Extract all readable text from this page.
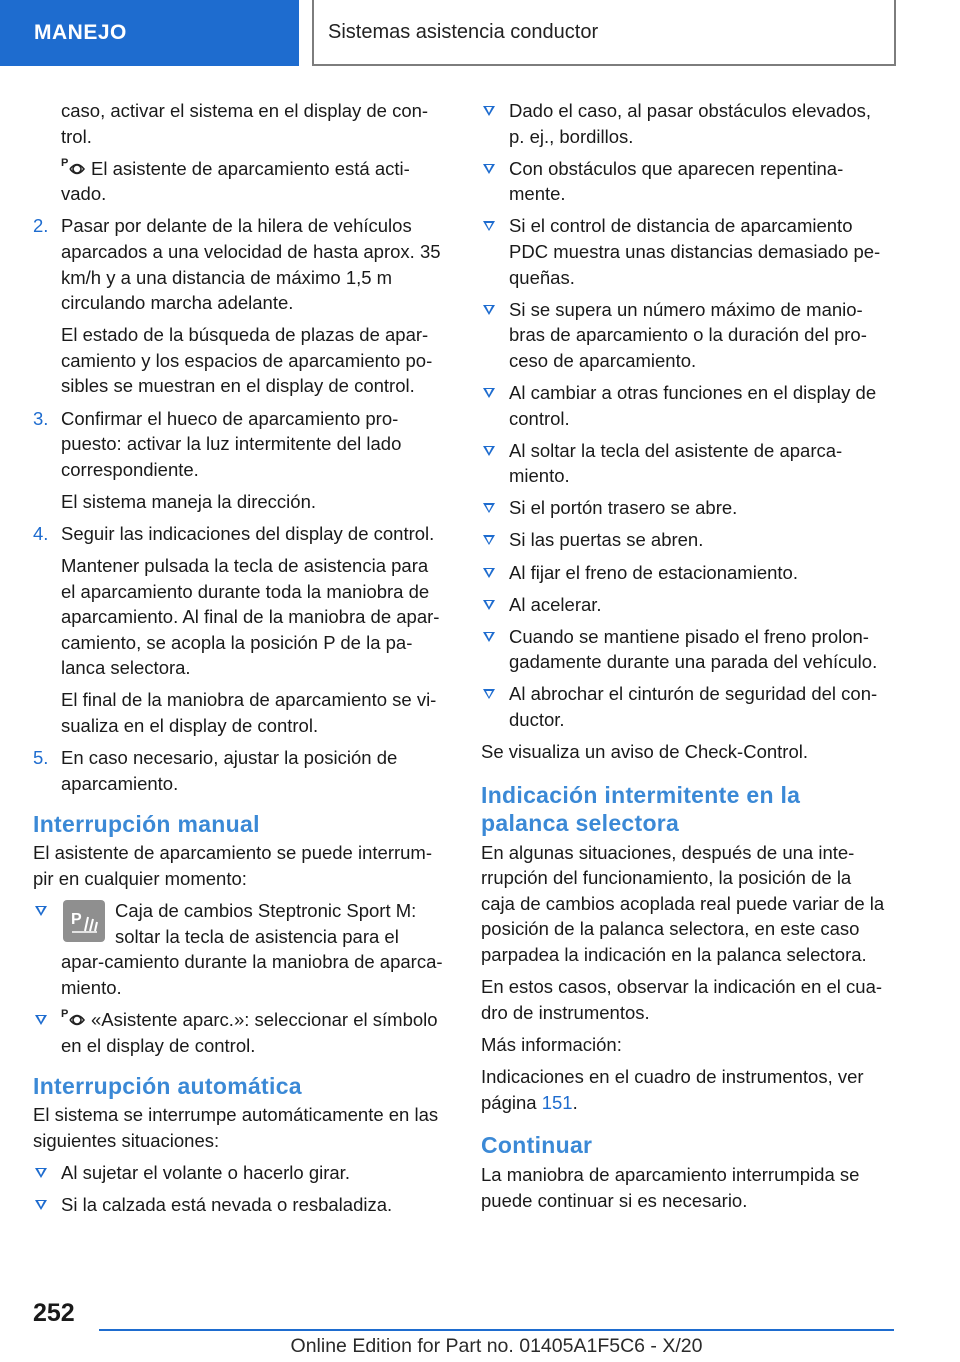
MANEJO	Sistemas asistencia conductor

caso, activar el sistema en el display de con‐trol.

P El asistente de aparcamiento está acti‐vado.

2. Pasar por delante de la hilera de vehículos aparcados a una velocidad de hasta aprox. 35 km/h y a una distancia de máximo 1,5 m circulando marcha adelante.

El estado de la búsqueda de plazas de apar‐camiento y los espacios de aparcamiento po‐sibles se muestran en el display de control.

3. Confirmar el hueco de aparcamiento pro‐puesto: activar la luz intermitente del lado correspondiente.

El sistema maneja la dirección.

4. Seguir las indicaciones del display de control.

Mantener pulsada la tecla de asistencia para el aparcamiento durante toda la maniobra de aparcamiento. Al final de la maniobra de apar‐camiento, se acopla la posición P de la pa‐lanca selectora.

El final de la maniobra de aparcamiento se vi‐sualiza en el display de control.

5. En caso necesario, ajustar la posición de aparcamiento.

Interrupción manual

El asistente de aparcamiento se puede interrum‐pir en cualquier momento:

P Caja de cambios Steptronic Sport M: soltar la tecla de asistencia para el apar‐camiento durante la maniobra de aparca‐miento.
P «Asistente aparc.»: seleccionar el símbolo en el display de control.
Interrupción automática

El sistema se interrumpe automáticamente en las siguientes situaciones:

Al sujetar el volante o hacerlo girar.
Si la calzada está nevada o resbaladiza.
Dado el caso, al pasar obstáculos elevados, p. ej., bordillos.
Con obstáculos que aparecen repentina‐mente.
Si el control de distancia de aparcamiento PDC muestra unas distancias demasiado pe‐queñas.
Si se supera un número máximo de manio‐bras de aparcamiento o la duración del pro‐ceso de aparcamiento.
Al cambiar a otras funciones en el display de control.
Al soltar la tecla del asistente de aparca‐miento.
Si el portón trasero se abre.
Si las puertas se abren.
Al fijar el freno de estacionamiento.
Al acelerar.
Cuando se mantiene pisado el freno prolon‐gadamente durante una parada del vehículo.
Al abrochar el cinturón de seguridad del con‐ductor.

Se visualiza un aviso de Check-Control.

Indicación intermitente en la palanca selectora

En algunas situaciones, después de una inte‐rrupción del funcionamiento, la posición de la caja de cambios acoplada real puede variar de la posición de la palanca selectora, en este caso parpadea la indicación en la palanca selectora.

En estos casos, observar la indicación en el cua‐dro de instrumentos.

Más información:

Indicaciones en el cuadro de instrumentos, ver página 151.

Continuar

La maniobra de aparcamiento interrumpida se puede continuar si es necesario.

252
Online Edition for Part no. 01405A1F5C6 - X/20
